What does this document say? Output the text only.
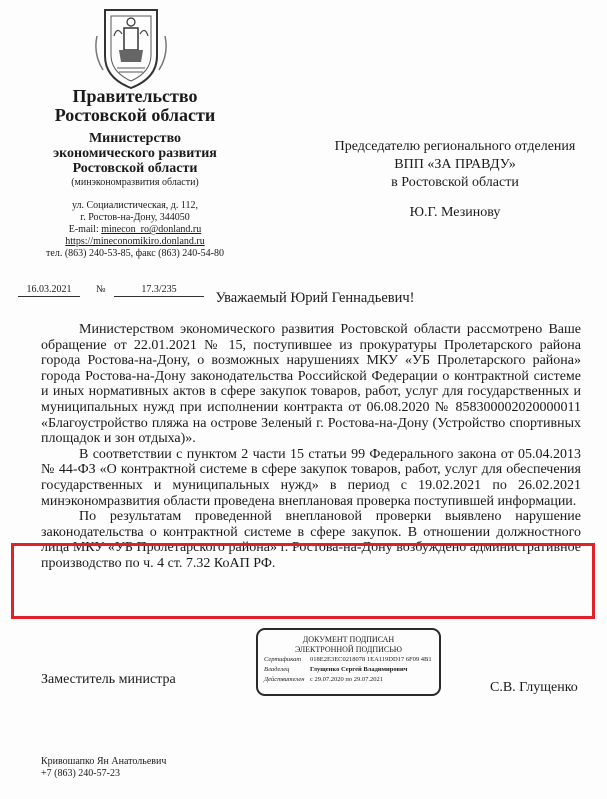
Правительство
Ростовской области
Министерство
экономического развития
Ростовской области
(минэкономразвития области)
ул. Социалистическая, д. 112,
г. Ростов-на-Дону, 344050
E-mail: minecon_ro@donland.ru
https://mineconomikiro.donland.ru
тел. (863) 240-53-85, факс (863) 240-54-80
Председателю регионального отделения
ВПП «ЗА ПРАВДУ»
в Ростовской области
Ю.Г. Мезинову
16.03.2021	№	17.3/235
Уважаемый Юрий Геннадьевич!

Министерством экономического развития Ростовской области рассмотрено Ваше обращение от 22.01.2021 № 15, поступившее из прокуратуры Пролетарского района города Ростова-на-Дону, о возможных нарушениях МКУ «УБ Пролетарского района» города Ростова-на-Дону законодательства Российской Федерации о контрактной системе и иных нормативных актов в сфере закупок товаров, работ, услуг для государственных и муниципальных нужд при исполнении контракта от 06.08.2020 № 858300002020000011 «Благоустройство пляжа на острове Зеленый г. Ростова-на-Дону (Устройство спортивных площадок и зон отдыха)».

В соответствии с пунктом 2 части 15 статьи 99 Федерального закона от 05.04.2013 № 44-ФЗ «О контрактной системе в сфере закупок товаров, работ, услуг для обеспечения государственных и муниципальных нужд» в период с 19.02.2021 по 26.02.2021 минэкономразвития области проведена внеплановая проверка поступившей информации.

По результатам проведенной внеплановой проверки выявлено нарушение законодательства о контрактной системе в сфере закупок. В отношении должностного лица МКУ «УБ Пролетарского района» г. Ростова-на-Дону возбуждено административное производство по ч. 4 ст. 7.32 КоАП РФ.

Заместитель министра
ДОКУМЕНТ ПОДПИСАН
ЭЛЕКТРОННОЙ ПОДПИСЬЮ
Сертификат	018E2E3EC0218078 1EA119DD17 6F09 4B1
Владелец	Глущенко Сергей Владимирович
Действителен с 29.07.2020 по 29.07.2021
С.В. Глущенко
Кривошапко Ян Анатольевич
+7 (863) 240-57-23
